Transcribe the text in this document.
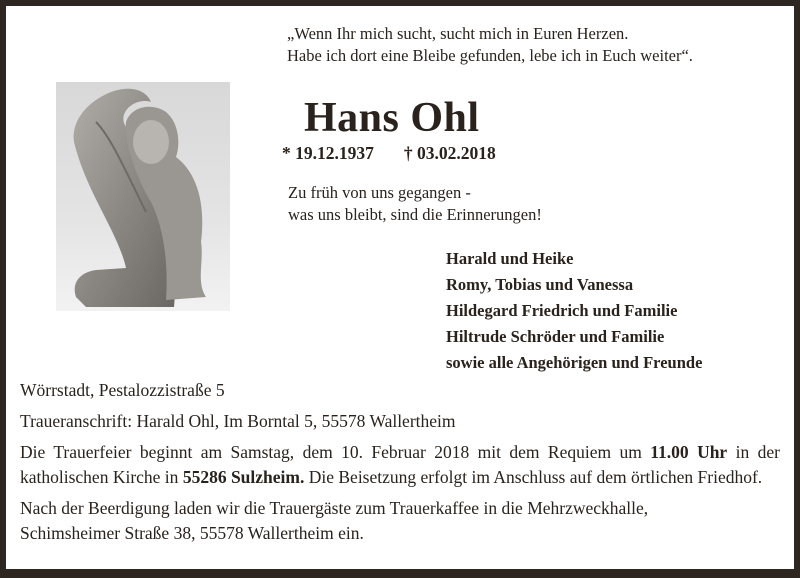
„Wenn Ihr mich sucht, sucht mich in Euren Herzen.
Habe ich dort eine Bleibe gefunden, lebe ich in Euch weiter“.
Hans Ohl
* 19.12.1937 † 03.02.2018
Zu früh von uns gegangen -
was uns bleibt, sind die Erinnerungen!
Harald und Heike
Romy, Tobias und Vanessa
Hildegard Friedrich und Familie
Hiltrude Schröder und Familie
sowie alle Angehörigen und Freunde

Wörrstadt, Pestalozzistraße 5

Traueranschrift: Harald Ohl, Im Borntal 5, 55578 Wallertheim

Die Trauerfeier beginnt am Samstag, dem 10. Februar 2018 mit dem Requiem um 11.00 Uhr in der katholischen Kirche in 55286 Sulzheim. Die Beisetzung erfolgt im Anschluss auf dem örtlichen Friedhof.

Nach der Beerdigung laden wir die Trauergäste zum Trauerkaffee in die Mehrzweckhalle,
Schimsheimer Straße 38, 55578 Wallertheim ein.
